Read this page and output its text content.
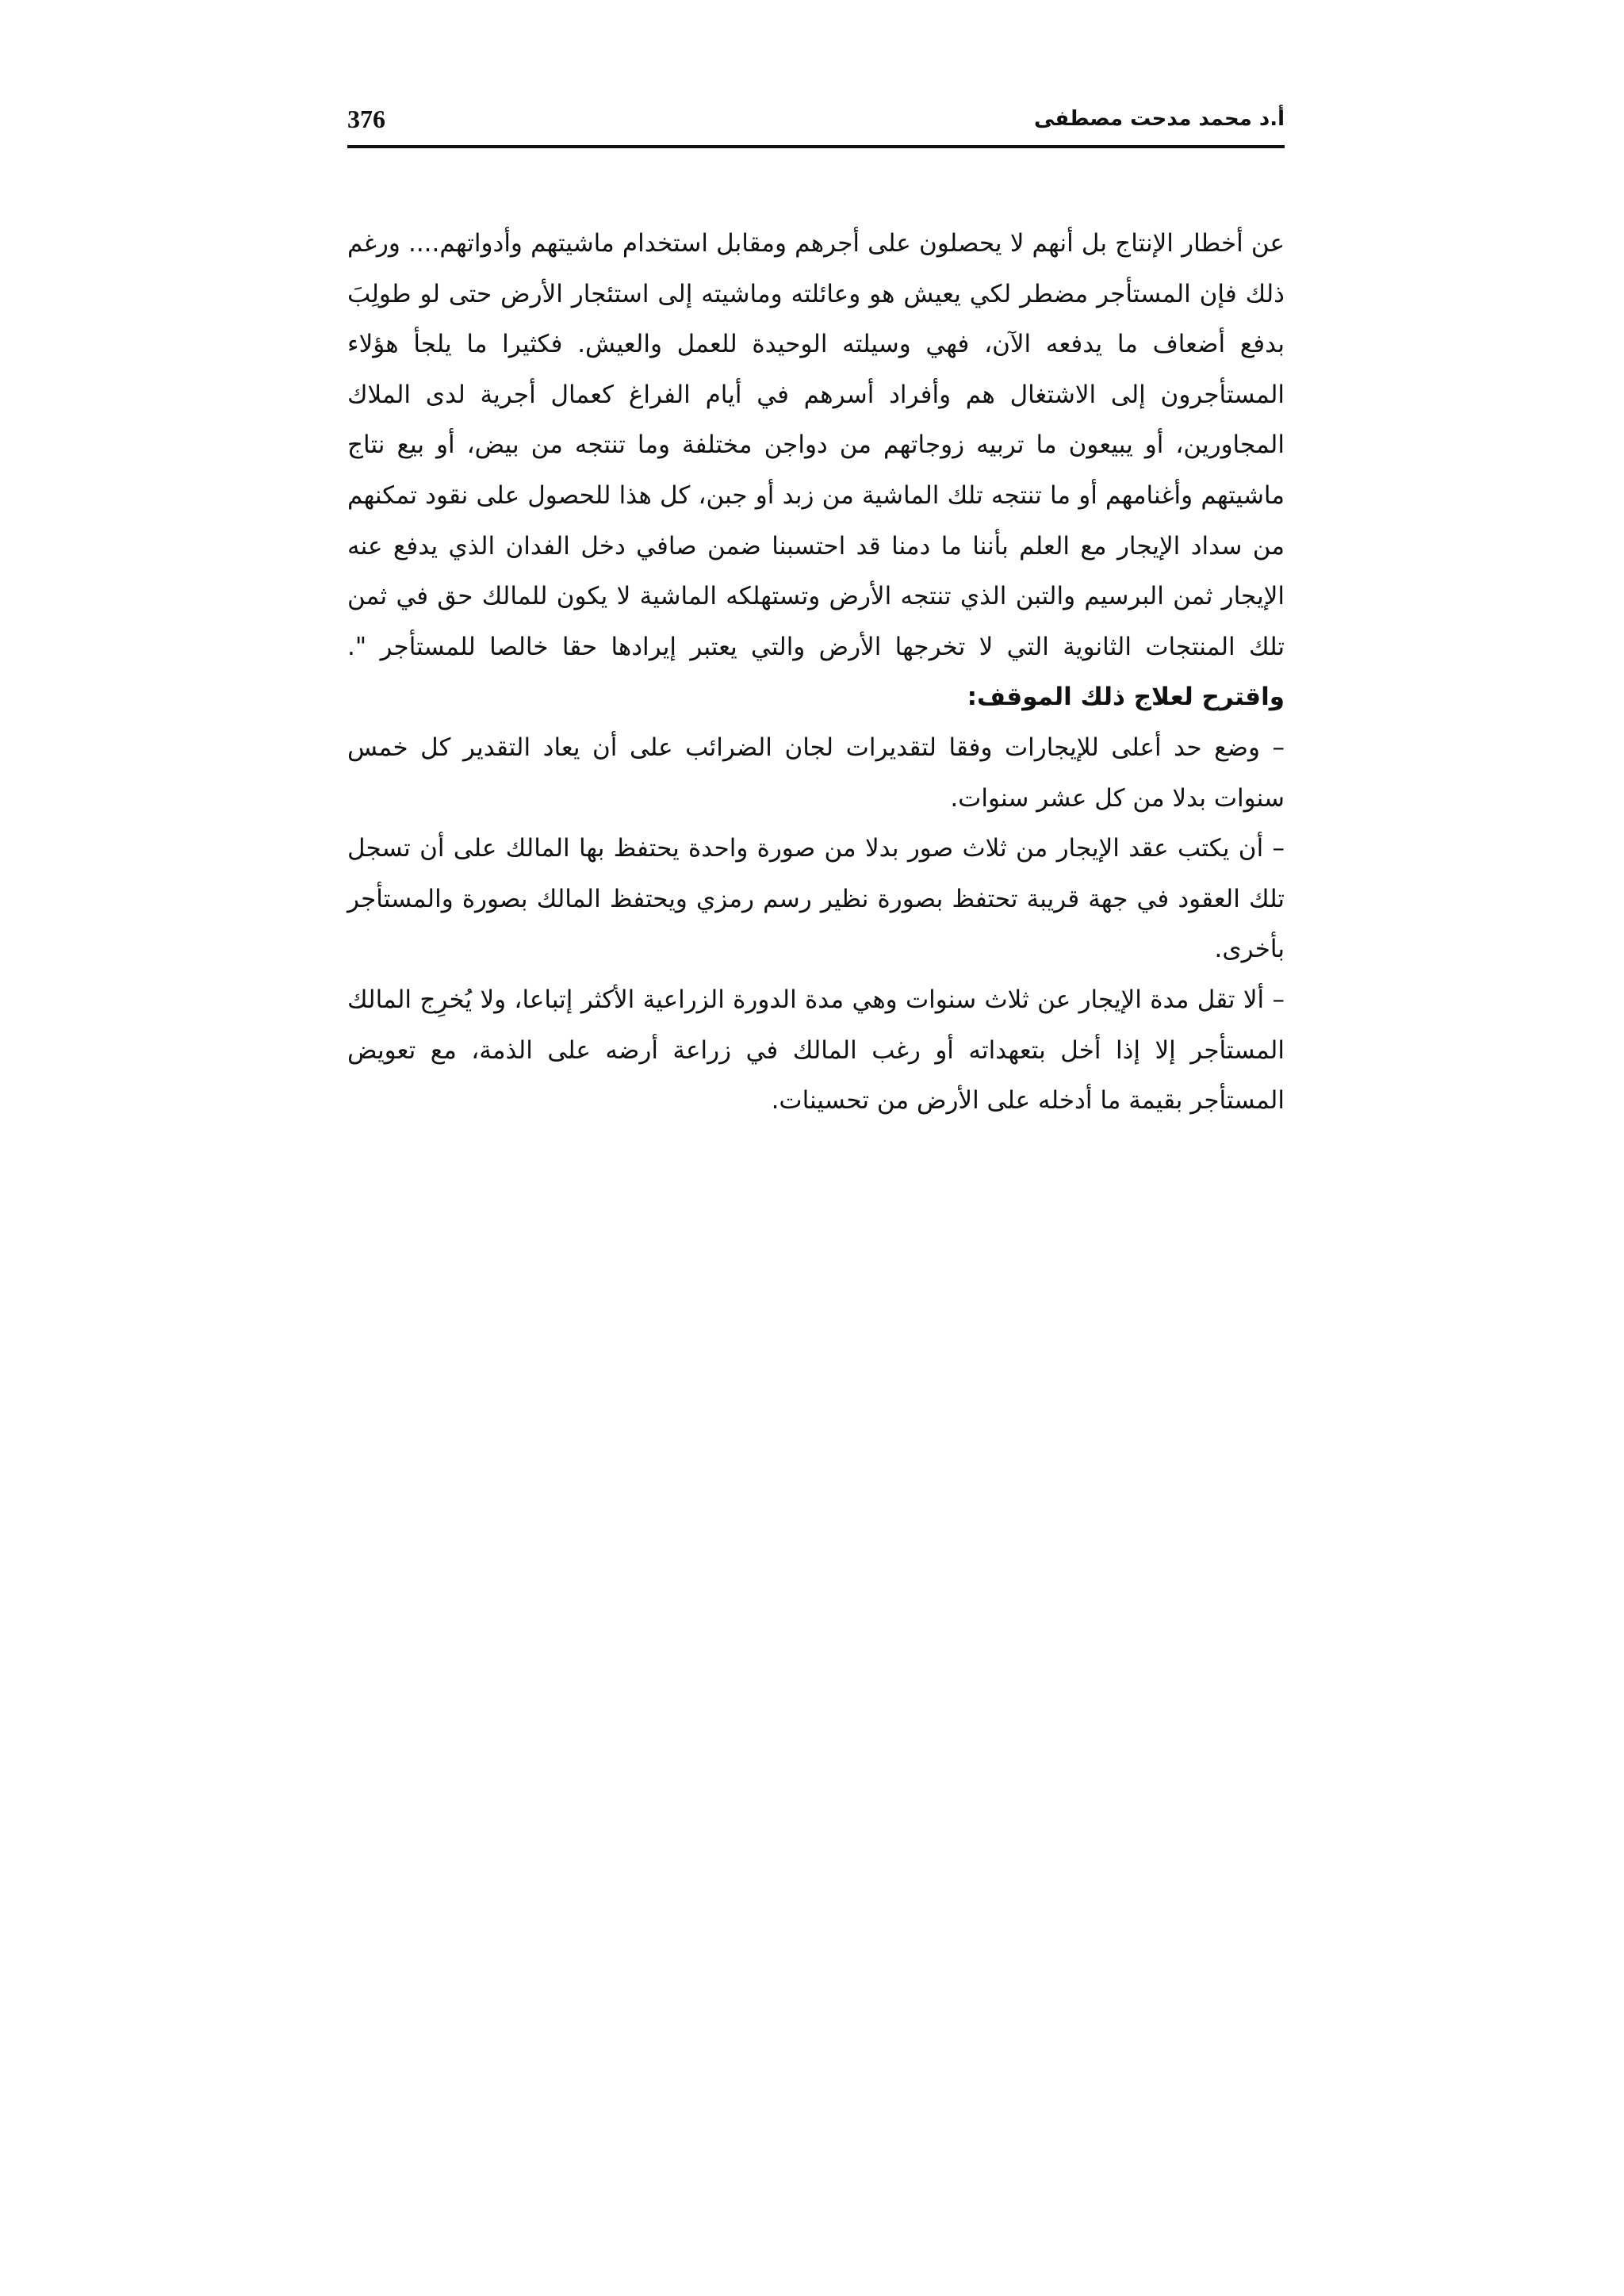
أ.د محمد مدحت مصطفى
376

عن أخطار الإنتاج بل أنهم لا يحصلون على أجرهم ومقابل استخدام ماشيتهم وأدواتهم.... ورغم ذلك فإن المستأجر مضطر لكي يعيش هو وعائلته وماشيته إلى استئجار الأرض حتى لو طولِبَ بدفع أضعاف ما يدفعه الآن، فهي وسيلته الوحيدة للعمل والعيش. فكثيرا ما يلجأ هؤلاء المستأجرون إلى الاشتغال هم وأفراد أسرهم في أيام الفراغ كعمال أجرية لدى الملاك المجاورين، أو يبيعون ما تربيه زوجاتهم من دواجن مختلفة وما تنتجه من بيض، أو بيع نتاج ماشيتهم وأغنامهم أو ما تنتجه تلك الماشية من زبد أو جبن، كل هذا للحصول على نقود تمكنهم من سداد الإيجار مع العلم بأننا ما دمنا قد احتسبنا ضمن صافي دخل الفدان الذي يدفع عنه الإيجار ثمن البرسيم والتبن الذي تنتجه الأرض وتستهلكه الماشية لا يكون للمالك حق في ثمن تلك المنتجات الثانوية التي لا تخرجها الأرض والتي يعتبر إيرادها حقا خالصا للمستأجر ". واقترح لعلاج ذلك الموقف:

– وضع حد أعلى للإيجارات وفقا لتقديرات لجان الضرائب على أن يعاد التقدير كل خمس سنوات بدلا من كل عشر سنوات.

– أن يكتب عقد الإيجار من ثلاث صور بدلا من صورة واحدة يحتفظ بها المالك على أن تسجل تلك العقود في جهة قريبة تحتفظ بصورة نظير رسم رمزي ويحتفظ المالك بصورة والمستأجر بأخرى.

– ألا تقل مدة الإيجار عن ثلاث سنوات وهي مدة الدورة الزراعية الأكثر إتباعا، ولا يُخرِج المالك المستأجر إلا إذا أخل بتعهداته أو رغب المالك في زراعة أرضه على الذمة، مع تعويض المستأجر بقيمة ما أدخله على الأرض من تحسينات.
